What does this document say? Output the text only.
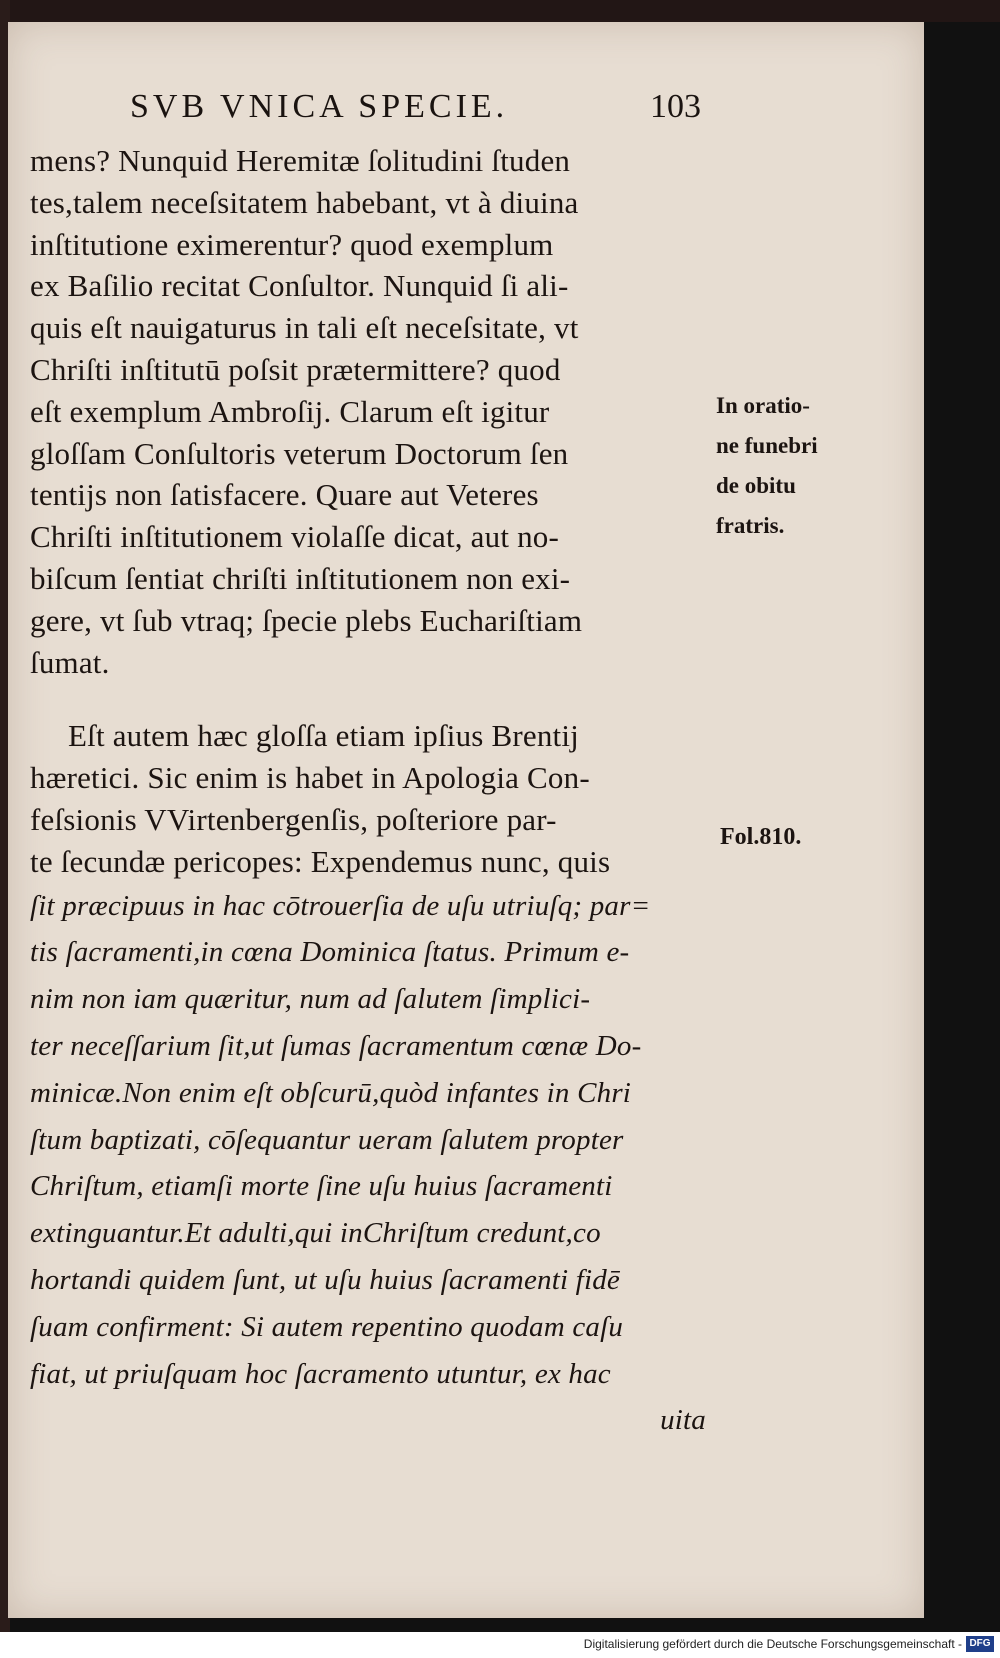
SVB VNICA SPECIE.	103
mens? Nunquid Heremitæ ſolitudini ſtuden
tes,talem neceſsitatem habebant, vt à diuina
inſtitutione eximerentur? quod exemplum
ex Baſilio recitat Conſultor. Nunquid ſi ali-
quis eſt nauigaturus in tali eſt neceſsitate, vt
Chriſti inſtitutū poſsit prætermittere? quod
eſt exemplum Ambroſij. Clarum eſt igitur
gloſſam Conſultoris veterum Doctorum ſen
tentijs non ſatisfacere. Quare aut Veteres
Chriſti inſtitutionem violaſſe dicat, aut no-
biſcum ſentiat chriſti inſtitutionem non exi-
gere, vt ſub vtraq; ſpecie plebs Euchariſtiam
ſumat.
Eſt autem hæc gloſſa etiam ipſius Brentij
hæretici. Sic enim is habet in Apologia Con-
feſsionis VVirtenbergenſis, poſteriore par-
te ſecundæ pericopes: Expendemus nunc, quis
ſit præcipuus in hac cōtrouerſia de uſu utriuſq; par=
tis ſacramenti,in cœna Dominica ſtatus. Primum e-
nim non iam quæritur, num ad ſalutem ſimplici-
ter neceſſarium ſit,ut ſumas ſacramentum cœnæ Do-
minicæ.Non enim eſt obſcurū,quòd infantes in Chri
ſtum baptizati, cōſequantur ueram ſalutem propter
Chriſtum, etiamſi morte ſine uſu huius ſacramenti
extinguantur.Et adulti,qui inChriſtum credunt,co
hortandi quidem ſunt, ut uſu huius ſacramenti fidē
ſuam confirment: Si autem repentino quodam caſu
fiat, ut priuſquam hoc ſacramento utuntur, ex hac
uita
In oratio-
ne funebri
de obitu
fratris.
Fol.810.
Digitalisierung gefördert durch die Deutsche Forschungsgemeinschaft - DFG
